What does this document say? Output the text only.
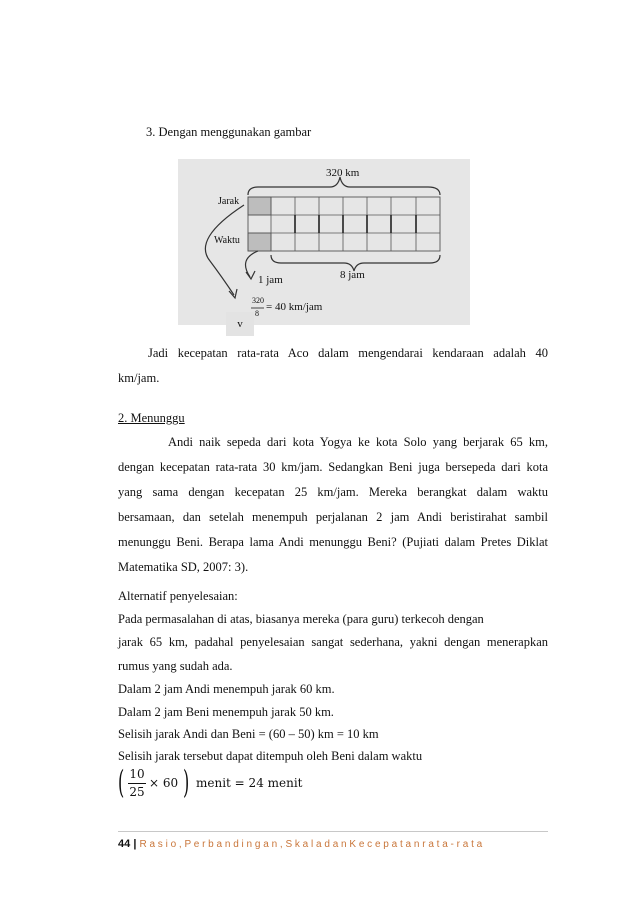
3. Dengan menggunakan gambar
320 km
Jarak
Waktu
1 jam	8 jam
320
8
= 40 km/jam
v
Jadi kecepatan rata-rata Aco dalam mengendarai kendaraan adalah 40
km/jam.
2. Menunggu
Andi naik sepeda dari kota Yogya ke kota Solo yang berjarak 65 km,
dengan kecepatan rata-rata 30 km/jam. Sedangkan Beni juga bersepeda dari kota
yang sama dengan kecepatan 25 km/jam. Mereka berangkat dalam waktu
bersamaan, dan setelah menempuh perjalanan 2 jam Andi beristirahat sambil
menunggu Beni. Berapa lama Andi menunggu Beni? (Pujiati dalam Pretes Diklat
Matematika SD, 2007: 3).
Alternatif penyelesaian:
Pada permasalahan di atas, biasanya mereka (para guru) terkecoh dengan
jarak 65 km, padahal penyelesaian sangat sederhana, yakni dengan menerapkan
rumus yang sudah ada.
Dalam 2 jam Andi menempuh jarak 60 km.
Dalam 2 jam Beni menempuh jarak 50 km.
Selisih jarak Andi dan Beni = (60 – 50) km = 10 km
Selisih jarak tersebut dapat ditempuh oleh Beni dalam waktu
( 10
25
× 60 ) menit = 24 menit
44 | R a s i o , P e r b a n d i n g a n , S k a l a d a n K e c e p a t a n r a t a - r a t a
